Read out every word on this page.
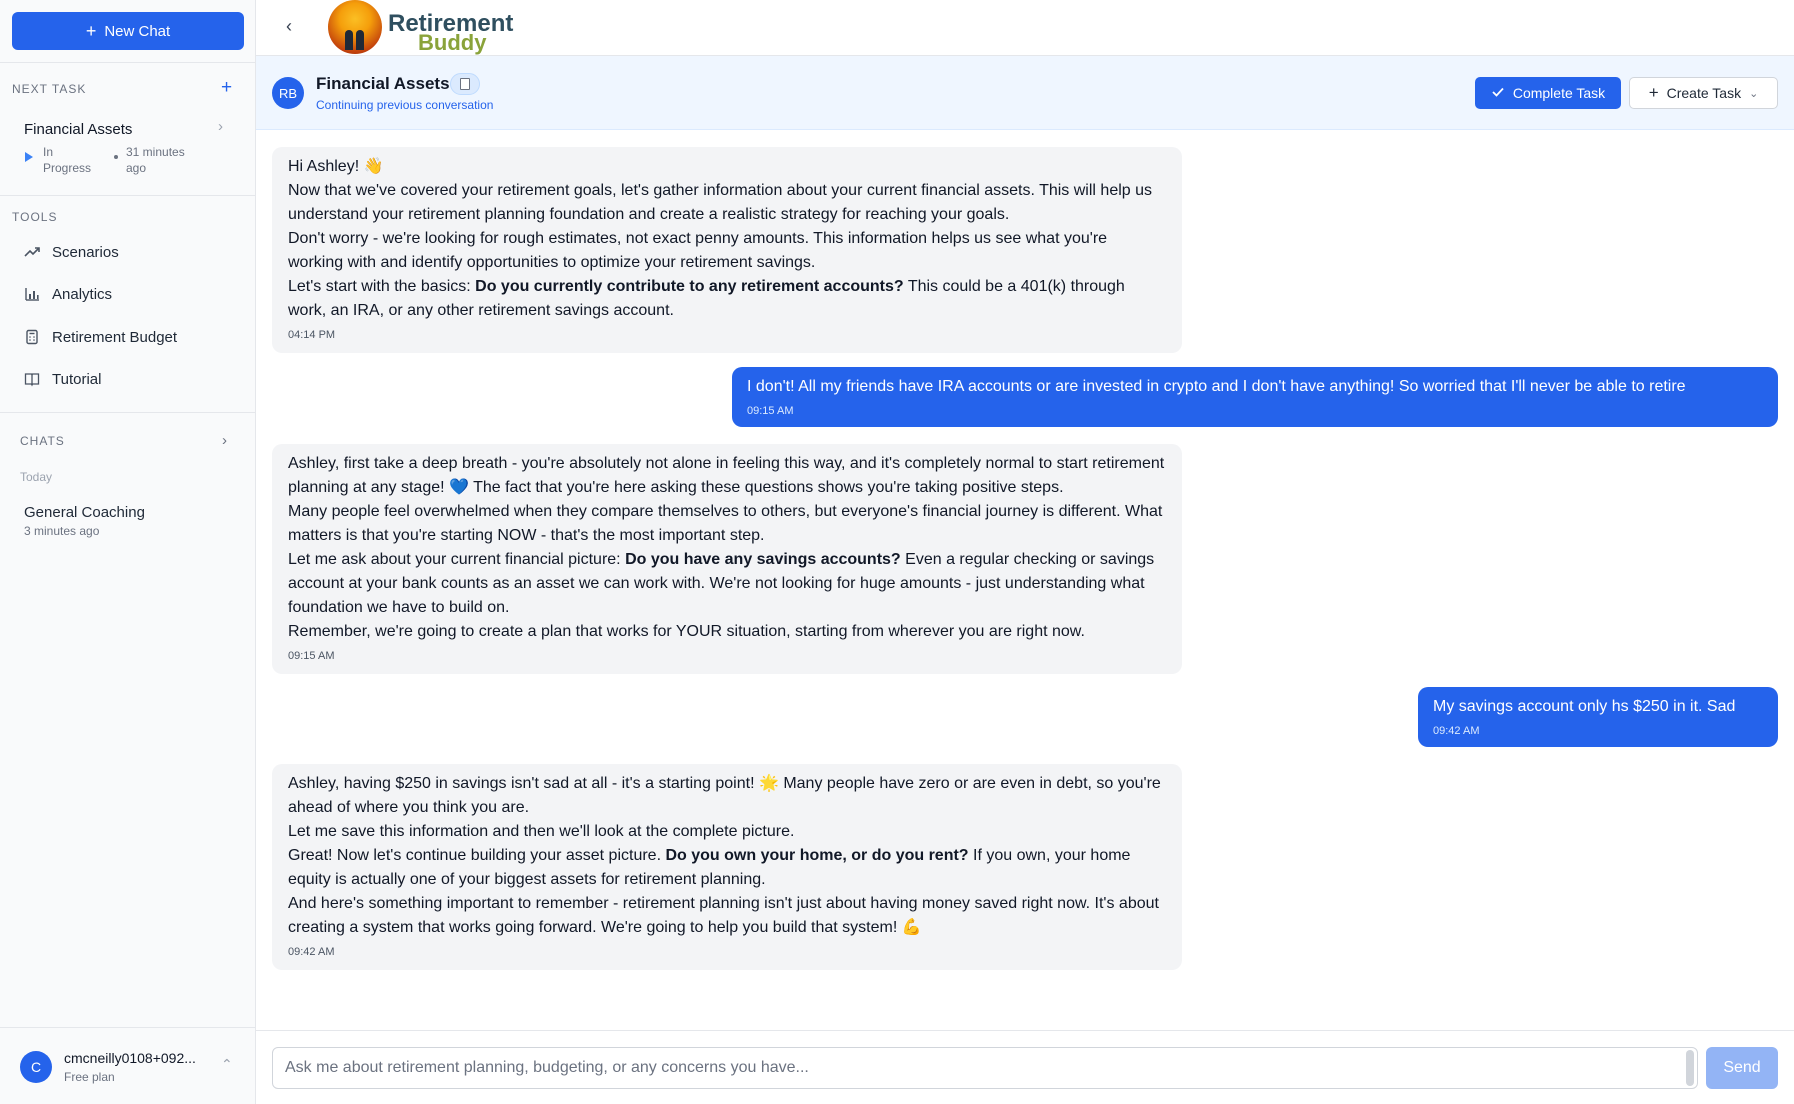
+ New Chat
NEXT TASK	+
Financial Assets	›
In Progress
31 minutes ago
TOOLS
Scenarios
Analytics
Retirement Budget
Tutorial
CHATS	›
Today
General Coaching
3 minutes ago
C
cmcneilly0108+092...
Free plan
⌃
‹	Retirement
Buddy
RB	Financial Assets
Continuing previous conversation
Complete Task	+ Create Task ⌄

Hi Ashley! 👋

Now that we've covered your retirement goals, let's gather information about your current financial assets. This will help us understand your retirement planning foundation and create a realistic strategy for reaching your goals.

Don't worry - we're looking for rough estimates, not exact penny amounts. This information helps us see what you're working with and identify opportunities to optimize your retirement savings.

Let's start with the basics: Do you currently contribute to any retirement accounts? This could be a 401(k) through work, an IRA, or any other retirement savings account.

04:14 PM

I don't! All my friends have IRA accounts or are invested in crypto and I don't have anything! So worried that I'll never be able to retire

09:15 AM

Ashley, first take a deep breath - you're absolutely not alone in feeling this way, and it's completely normal to start retirement planning at any stage! 💙 The fact that you're here asking these questions shows you're taking positive steps.

Many people feel overwhelmed when they compare themselves to others, but everyone's financial journey is different. What matters is that you're starting NOW - that's the most important step.

Let me ask about your current financial picture: Do you have any savings accounts? Even a regular checking or savings account at your bank counts as an asset we can work with. We're not looking for huge amounts - just understanding what foundation we have to build on.

Remember, we're going to create a plan that works for YOUR situation, starting from wherever you are right now.

09:15 AM

My savings account only hs $250 in it. Sad

09:42 AM

Ashley, having $250 in savings isn't sad at all - it's a starting point! 🌟 Many people have zero or are even in debt, so you're ahead of where you think you are.

Let me save this information and then we'll look at the complete picture.

Great! Now let's continue building your asset picture. Do you own your home, or do you rent? If you own, your home equity is actually one of your biggest assets for retirement planning.

And here's something important to remember - retirement planning isn't just about having money saved right now. It's about creating a system that works going forward. We're going to help you build that system! 💪

09:42 AM
Ask me about retirement planning, budgeting, or any concerns you have...
Send
